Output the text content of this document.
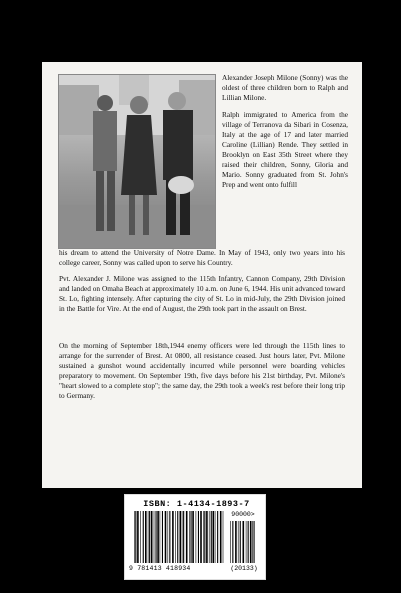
Alexander Joseph Milone (Sonny) was the oldest of three children born to Ralph and Lillian Milone.

Ralph immigrated to America from the village of Terranova da Sibari in Cosenza, Italy at the age of 17 and later married Caroline (Lillian) Rende. They settled in Brooklyn on East 35th Street where they raised their children, Sonny, Gloria and Mario. Sonny graduated from St. John's Prep and went onto fulfill

his dream to attend the University of Notre Dame. In May of 1943, only two years into his college career, Sonny was called upon to serve his Country.

Pvt. Alexander J. Milone was assigned to the 115th Infantry, Cannon Company, 29th Division and landed on Omaha Beach at approximately 10 a.m. on June 6, 1944. His unit advanced toward St. Lo, fighting intensely. After capturing the city of St. Lo in mid-July, the 29th Division joined in the Battle for Vire. At the end of August, the 29th took part in the assault on Brest.

On the morning of September 18th,1944 enemy officers were led through the 115th lines to arrange for the surrender of Brest. At 0800, all resistance ceased. Just hours later, Pvt. Milone sustained a gunshot wound accidentally incurred while personnel were boarding vehicles preparatory to movement. On September 19th, five days before his 21st birthday, Pvt. Milone's "heart slowed to a complete stop"; the same day, the 29th took a week's rest before their long trip to Germany.

ISBN: 1-4134-1893-7
90000>
9 781413 418934	(20133)
